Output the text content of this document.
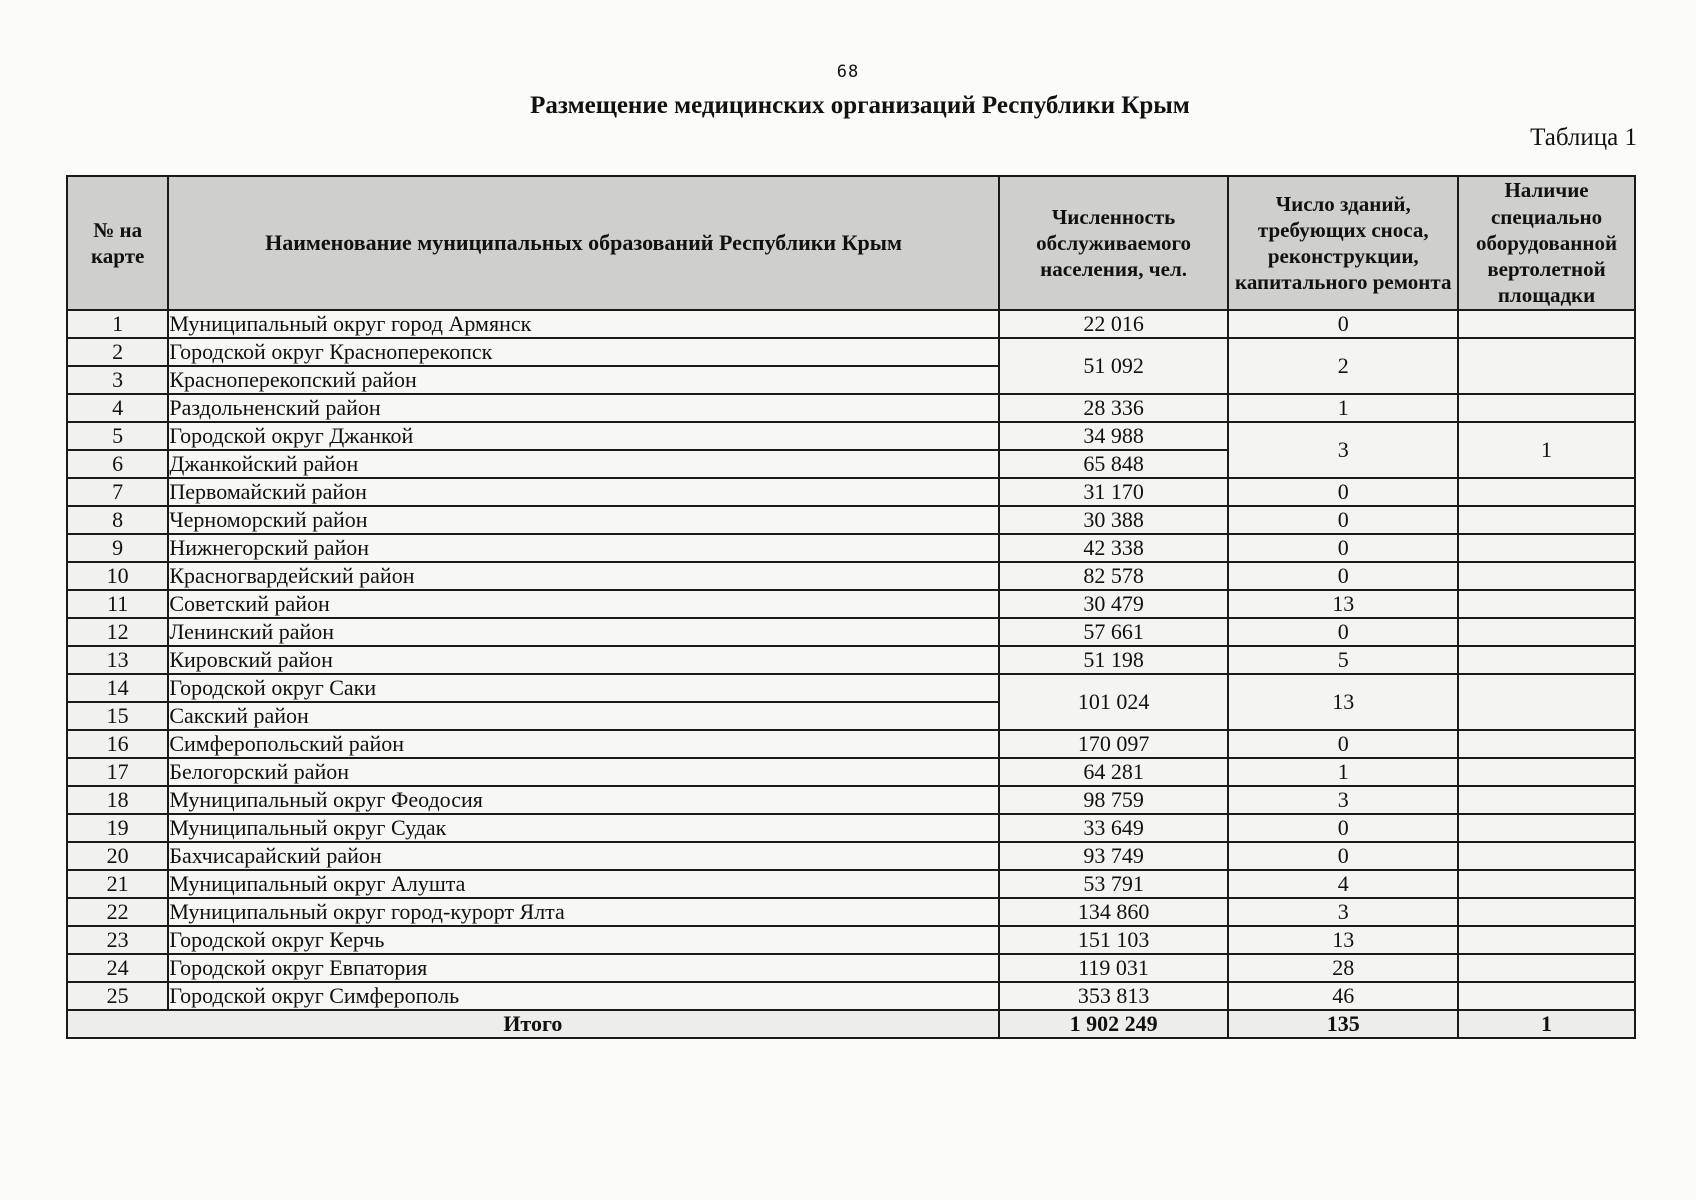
68
Размещение медицинских организаций Республики Крым
Таблица 1
№ на карте	Наименование муниципальных образований Республики Крым	Численность обслуживаемого населения, чел.	Число зданий, требующих сноса, реконструкции, капитального ремонта	Наличие специально оборудованной вертолетной площадки
1	Муниципальный округ город Армянск	22 016	0	
2	Городской округ Красноперекопск	51 092	2	
3	Красноперекопский район			
4	Раздольненский район	28 336	1	
5	Городской округ Джанкой	34 988	3	1
6	Джанкойский район	65 848		
7	Первомайский район	31 170	0	
8	Черноморский район	30 388	0	
9	Нижнегорский район	42 338	0	
10	Красногвардейский район	82 578	0	
11	Советский район	30 479	13	
12	Ленинский район	57 661	0	
13	Кировский район	51 198	5	
14	Городской округ Саки	101 024	13	
15	Сакский район			
16	Симферопольский район	170 097	0	
17	Белогорский район	64 281	1	
18	Муниципальный округ Феодосия	98 759	3	
19	Муниципальный округ Судак	33 649	0	
20	Бахчисарайский район	93 749	0	
21	Муниципальный округ Алушта	53 791	4	
22	Муниципальный округ город-курорт Ялта	134 860	3	
23	Городской округ Керчь	151 103	13	
24	Городской округ Евпатория	119 031	28	
25	Городской округ Симферополь	353 813	46	
Итого		1 902 249	135	1
